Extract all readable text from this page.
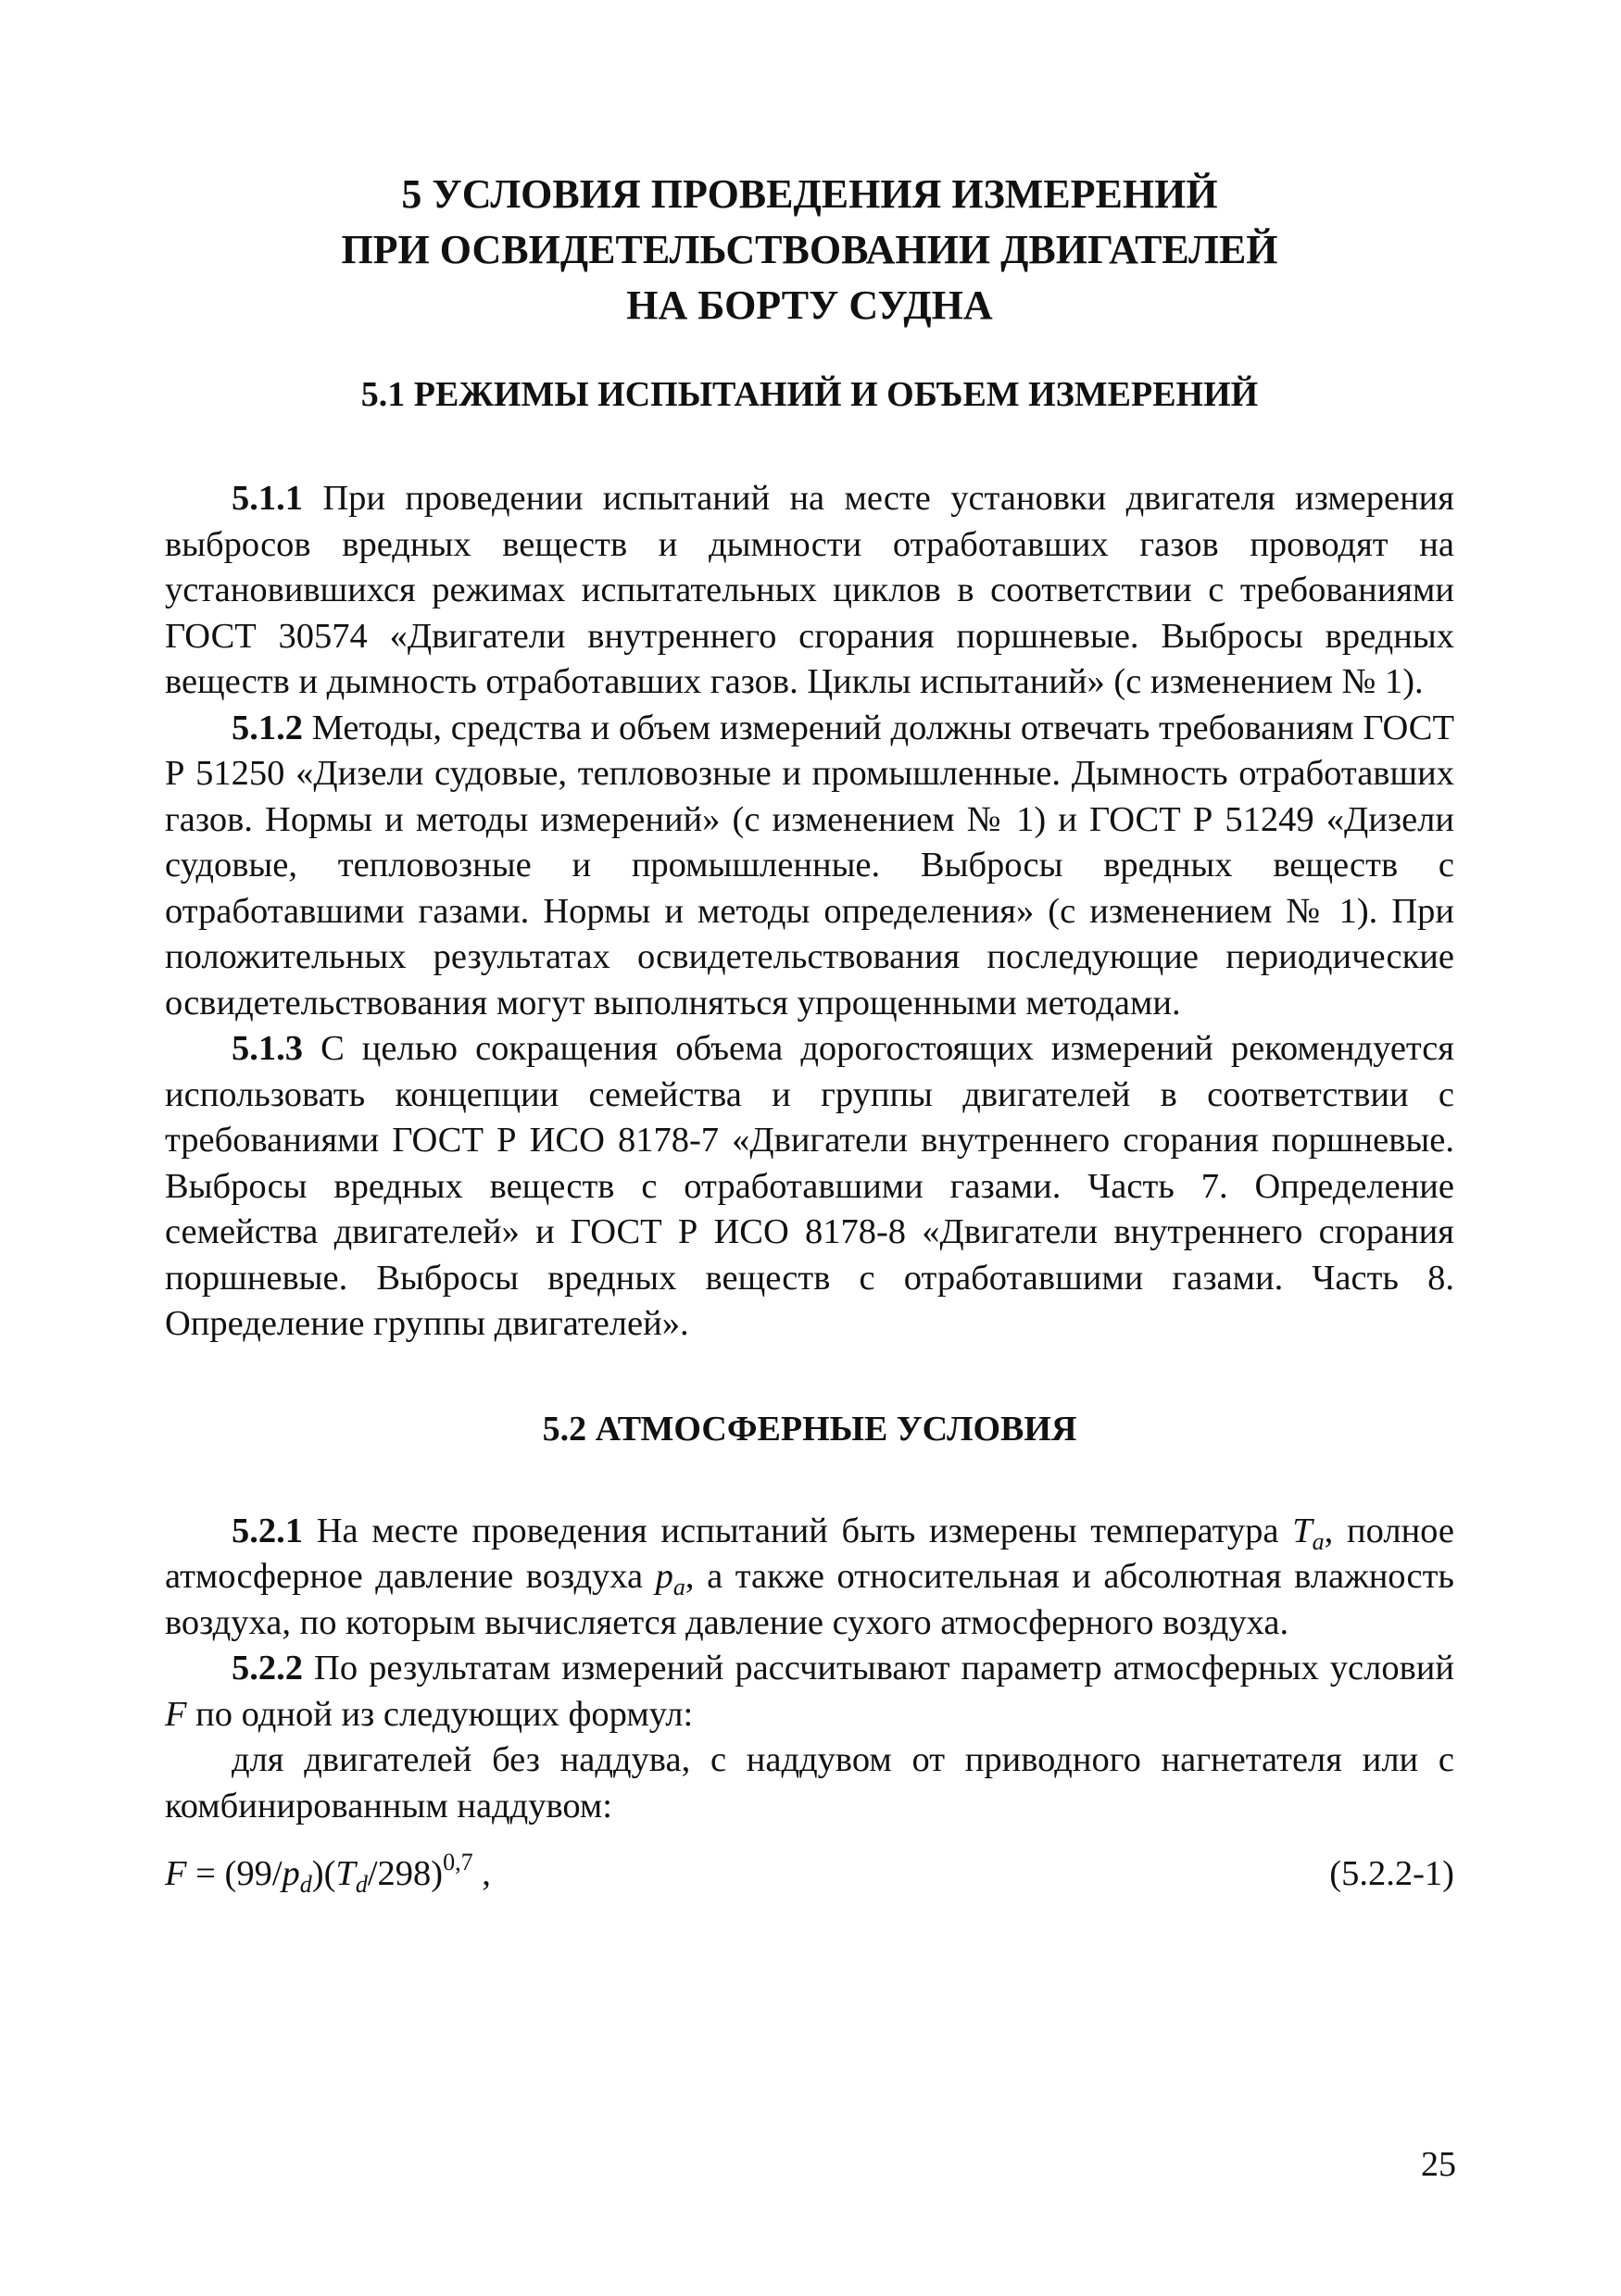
5 УСЛОВИЯ ПРОВЕДЕНИЯ ИЗМЕРЕНИЙ
ПРИ ОСВИДЕТЕЛЬСТВОВАНИИ ДВИГАТЕЛЕЙ
НА БОРТУ СУДНА
5.1 РЕЖИМЫ ИСПЫТАНИЙ И ОБЪЕМ ИЗМЕРЕНИЙ

5.1.1 При проведении испытаний на месте установки двигателя измерения выбросов вредных веществ и дымности отработавших газов проводят на установившихся режимах испытательных циклов в соответствии с требованиями ГОСТ 30574 «Двигатели внутреннего сгорания поршневые. Выбросы вредных веществ и дымность отработавших газов. Циклы испытаний» (с изменением № 1).

5.1.2 Методы, средства и объем измерений должны отвечать требованиям ГОСТ Р 51250 «Дизели судовые, тепловозные и промышленные. Дымность отработавших газов. Нормы и методы измерений» (с изменением № 1) и ГОСТ Р 51249 «Дизели судовые, тепловозные и промышленные. Выбросы вредных веществ с отработавшими газами. Нормы и методы определения» (с изменением № 1). При положительных результатах освидетельствования последующие периодические освидетельствования могут выполняться упрощенными методами.

5.1.3 С целью сокращения объема дорогостоящих измерений рекомендуется использовать концепции семейства и группы двигателей в соответствии с требованиями ГОСТ Р ИСО 8178-7 «Двигатели внутреннего сгорания поршневые. Выбросы вредных веществ с отработавшими газами. Часть 7. Определение семейства двигателей» и ГОСТ Р ИСО 8178-8 «Двигатели внутреннего сгорания поршневые. Выбросы вредных веществ с отработавшими газами. Часть 8. Определение группы двигателей».

5.2 АТМОСФЕРНЫЕ УСЛОВИЯ

5.2.1 На месте проведения испытаний быть измерены температура $T_a$, полное атмосферное давление воздуха $p_a$, а также относительная и абсолютная влажность воздуха, по которым вычисляется давление сухого атмосферного воздуха.

5.2.2 По результатам измерений рассчитывают параметр атмосферных условий F по одной из следующих формул:

для двигателей без наддува, с наддувом от приводного нагнетателя или с комбинированным наддувом:

$F = (99/p_d)(T_d/298)^{0,7}$ ,	(5.2.2-1)
25
